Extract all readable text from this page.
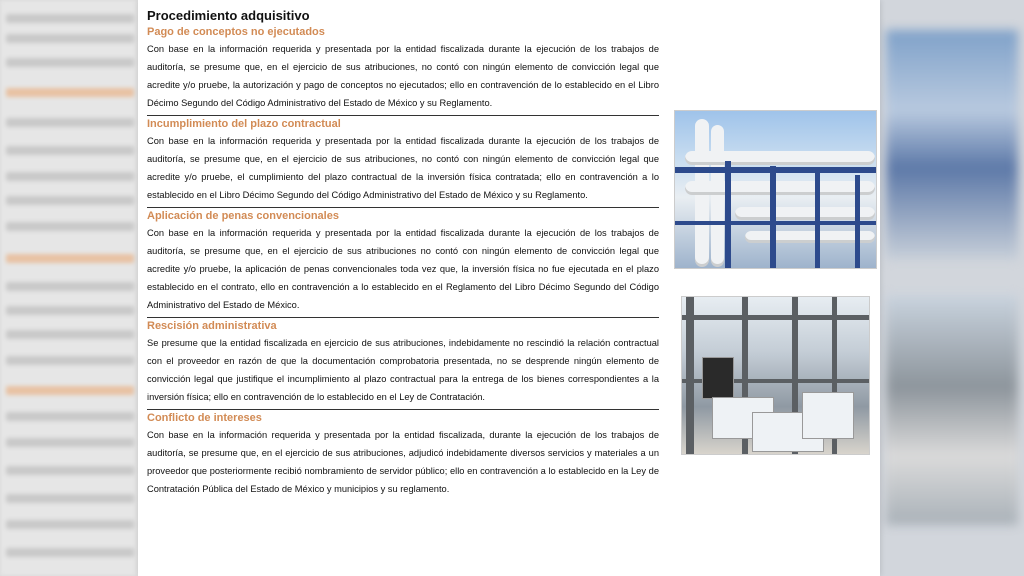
Procedimiento adquisitivo
Pago de conceptos no ejecutados

Con base en la información requerida y presentada por la entidad fiscalizada durante la ejecución de los trabajos de auditoría, se presume que, en el ejercicio de sus atribuciones, no contó con ningún elemento de convicción legal que acredite y/o pruebe, la autorización y pago de conceptos no ejecutados; ello en contravención de lo establecido en el Libro Décimo Segundo del Código Administrativo del Estado de México y su Reglamento.

Incumplimiento del plazo contractual

Con base en la información requerida y presentada por la entidad fiscalizada durante la ejecución de los trabajos de auditoría, se presume que, en el ejercicio de sus atribuciones, no contó con ningún elemento de convicción legal que acredite y/o pruebe, el cumplimiento del plazo contractual de la inversión física contratada; ello en contravención a lo establecido en el Libro Décimo Segundo del Código Administrativo del Estado de México y su Reglamento.

Aplicación de penas convencionales

Con base en la información requerida y presentada por la entidad fiscalizada durante la ejecución de los trabajos de auditoría, se presume que, en el ejercicio de sus atribuciones no contó con ningún elemento de convicción legal que acredite y/o pruebe, la aplicación de penas convencionales toda vez que, la inversión física no fue ejecutada en el plazo establecido en el contrato, ello en contravención a lo establecido en el Reglamento del Libro Décimo Segundo del Código Administrativo del Estado de México.

Rescisión administrativa

Se presume que la entidad fiscalizada en ejercicio de sus atribuciones, indebidamente no rescindió la relación contractual con el proveedor en razón de que la documentación comprobatoria presentada, no se desprende ningún elemento de convicción legal que justifique el incumplimiento al plazo contractual para la entrega de los bienes correspondientes a la inversión física; ello en contravención de lo establecido en el Ley de Contratación.

Conflicto de intereses

Con base en la información requerida y presentada por la entidad fiscalizada, durante la ejecución de los trabajos de auditoría, se presume que, en el ejercicio de sus atribuciones, adjudicó indebidamente diversos servicios y materiales a un proveedor que posteriormente recibió nombramiento de servidor público; ello en contravención a lo establecido en la Ley de Contratación Pública del Estado de México y municipios y su reglamento.
